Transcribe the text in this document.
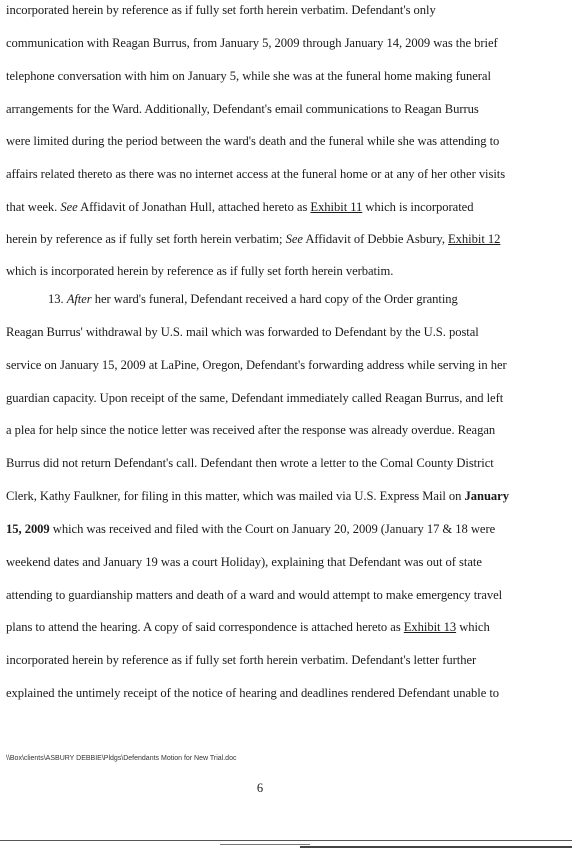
incorporated herein by reference as if fully set forth herein verbatim. Defendant's only
communication with Reagan Burrus, from January 5, 2009 through January 14, 2009 was the brief
telephone conversation with him on January 5, while she was at the funeral home making funeral
arrangements for the Ward. Additionally, Defendant's email communications to Reagan Burrus
were limited during the period between the ward's death and the funeral while she was attending to
affairs related thereto as there was no internet access at the funeral home or at any of her other visits
that week. See Affidavit of Jonathan Hull, attached hereto as Exhibit 11 which is incorporated
herein by reference as if fully set forth herein verbatim; See Affidavit of Debbie Asbury, Exhibit 12
which is incorporated herein by reference as if fully set forth herein verbatim.
13. After her ward's funeral, Defendant received a hard copy of the Order granting
Reagan Burrus' withdrawal by U.S. mail which was forwarded to Defendant by the U.S. postal
service on January 15, 2009 at LaPine, Oregon, Defendant's forwarding address while serving in her
guardian capacity. Upon receipt of the same, Defendant immediately called Reagan Burrus, and left
a plea for help since the notice letter was received after the response was already overdue. Reagan
Burrus did not return Defendant's call. Defendant then wrote a letter to the Comal County District
Clerk, Kathy Faulkner, for filing in this matter, which was mailed via U.S. Express Mail on January
15, 2009 which was received and filed with the Court on January 20, 2009 (January 17 & 18 were
weekend dates and January 19 was a court Holiday), explaining that Defendant was out of state
attending to guardianship matters and death of a ward and would attempt to make emergency travel
plans to attend the hearing. A copy of said correspondence is attached hereto as Exhibit 13 which
incorporated herein by reference as if fully set forth herein verbatim. Defendant's letter further
explained the untimely receipt of the notice of hearing and deadlines rendered Defendant unable to
\\Box\clients\ASBURY DEBBIE\Pldgs\Defendants Motion for New Trial.doc
6
